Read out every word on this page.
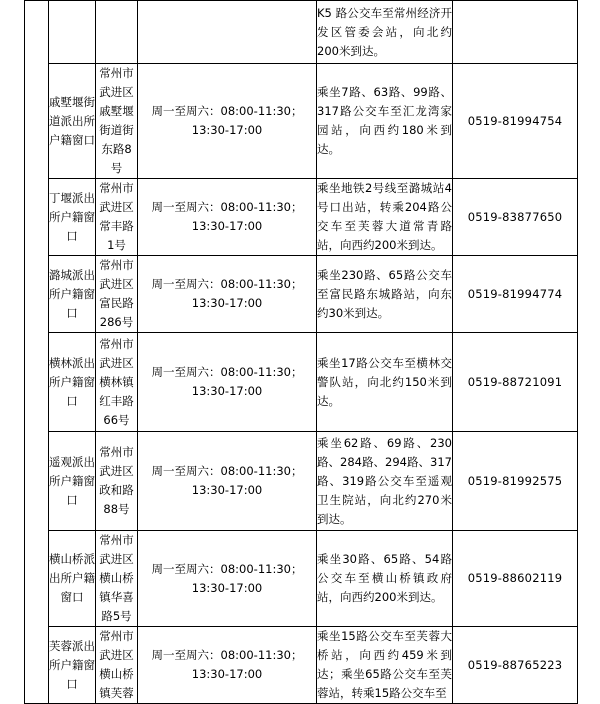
				K5 路公交车至常州经济开发区管委会站，向北约200米到达。	
	戚墅堰街道派出所户籍窗口	常州市武进区戚墅堰街道街东路8号	周一至周六：08:00-11:30；13:30-17:00	乘坐7路、63路、99路、317路公交车至汇龙湾家园站，向西约180米到达。	0519-81994754
	丁堰派出所户籍窗口	常州市武进区常丰路1号	周一至周六：08:00-11:30；13:30-17:00	乘坐地铁2号线至潞城站4号口出站，转乘204路公交车至芙蓉大道常青路站，向西约200米到达。	0519-83877650
	潞城派出所户籍窗口	常州市武进区富民路286号	周一至周六：08:00-11:30；13:30-17:00	乘坐230路、65路公交车至富民路东城路站，向东约30米到达。	0519-81994774
	横林派出所户籍窗口	常州市武进区横林镇红丰路66号	周一至周六：08:00-11:30；13:30-17:00	乘坐17路公交车至横林交警队站，向北约150米到达。	0519-88721091
	遥观派出所户籍窗口	常州市武进区政和路88号	周一至周六：08:00-11:30；13:30-17:00	乘坐62路、69路、230路、284路、294路、317路、319路公交车至遥观卫生院站，向北约270米到达。	0519-81992575
	横山桥派出所户籍窗口	常州市武进区横山桥镇华喜路5号	周一至周六：08:00-11:30；13:30-17:00	乘坐30路、65路、54路公交车至横山桥镇政府站，向西约200米到达。	0519-88602119
	芙蓉派出所户籍窗口	常州市武进区横山桥镇芙蓉	周一至周六：08:00-11:30；13:30-17:00	乘坐15路公交车至芙蓉大桥站，向西约459米到达；乘坐65路公交车至芙蓉站，转乘15路公交车至	0519-88765223
